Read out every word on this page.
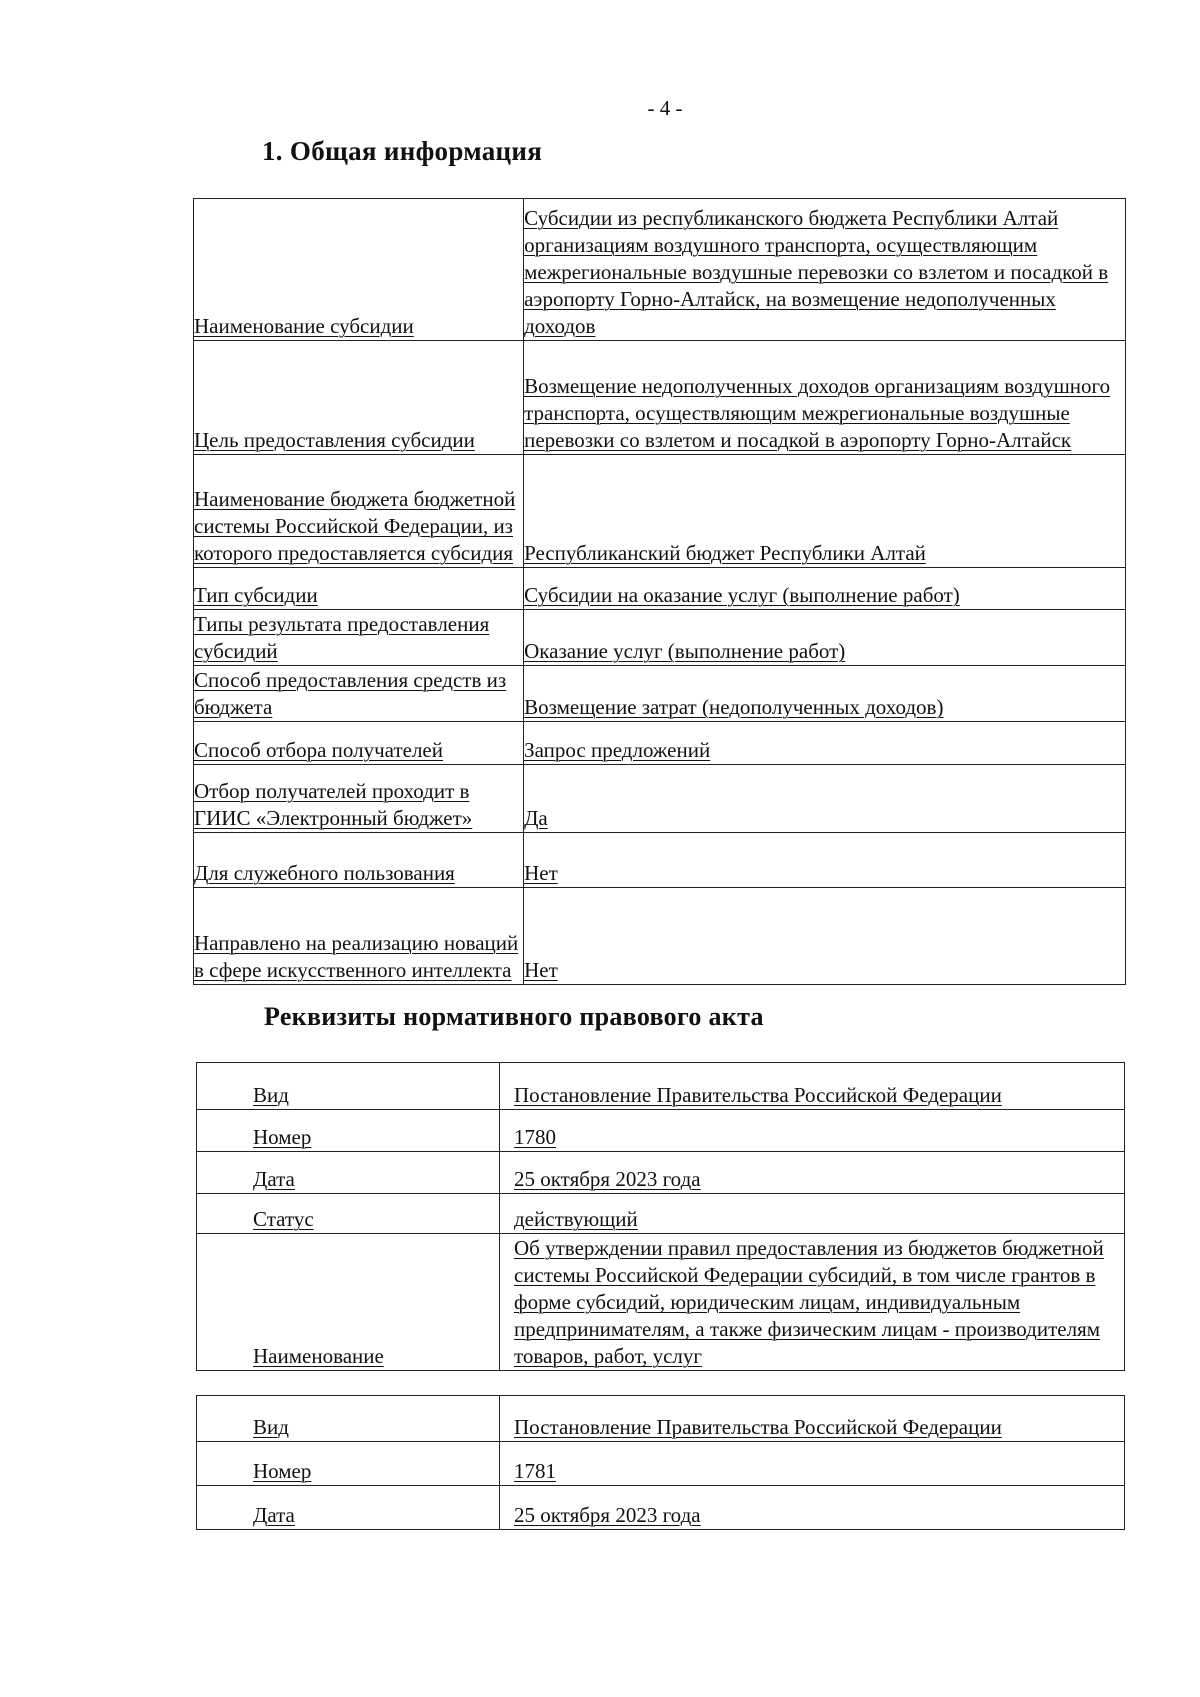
- 4 -
1. Общая информация
Наименование субсидии	Субсидии из республиканского бюджета Республики Алтай организациям воздушного транспорта, осуществляющим межрегиональные воздушные перевозки со взлетом и посадкой в аэропорту Горно-Алтайск, на возмещение недополученных доходов
Цель предоставления субсидии	Возмещение недополученных доходов организациям воздушного транспорта, осуществляющим межрегиональные воздушные перевозки со взлетом и посадкой в аэропорту Горно-Алтайск
Наименование бюджета бюджетной системы Российской Федерации, из которого предоставляется субсидия	Республиканский бюджет Республики Алтай
Тип субсидии	Субсидии на оказание услуг (выполнение работ)
Типы результата предоставления субсидий	Оказание услуг (выполнение работ)
Способ предоставления средств из бюджета	Возмещение затрат (недополученных доходов)
Способ отбора получателей	Запрос предложений
Отбор получателей проходит в ГИИС «Электронный бюджет»	Да
Для служебного пользования	Нет
Направлено на реализацию новаций в сфере искусственного интеллекта	Нет
Реквизиты нормативного правового акта
Вид	Постановление Правительства Российской Федерации
Номер	1780
Дата	25 октября 2023 года
Статус	действующий
Наименование	Об утверждении правил предоставления из бюджетов бюджетной системы Российской Федерации субсидий, в том числе грантов в форме субсидий, юридическим лицам, индивидуальным предпринимателям, а также физическим лицам - производителям товаров, работ, услуг
Вид	Постановление Правительства Российской Федерации
Номер	1781
Дата	25 октября 2023 года
